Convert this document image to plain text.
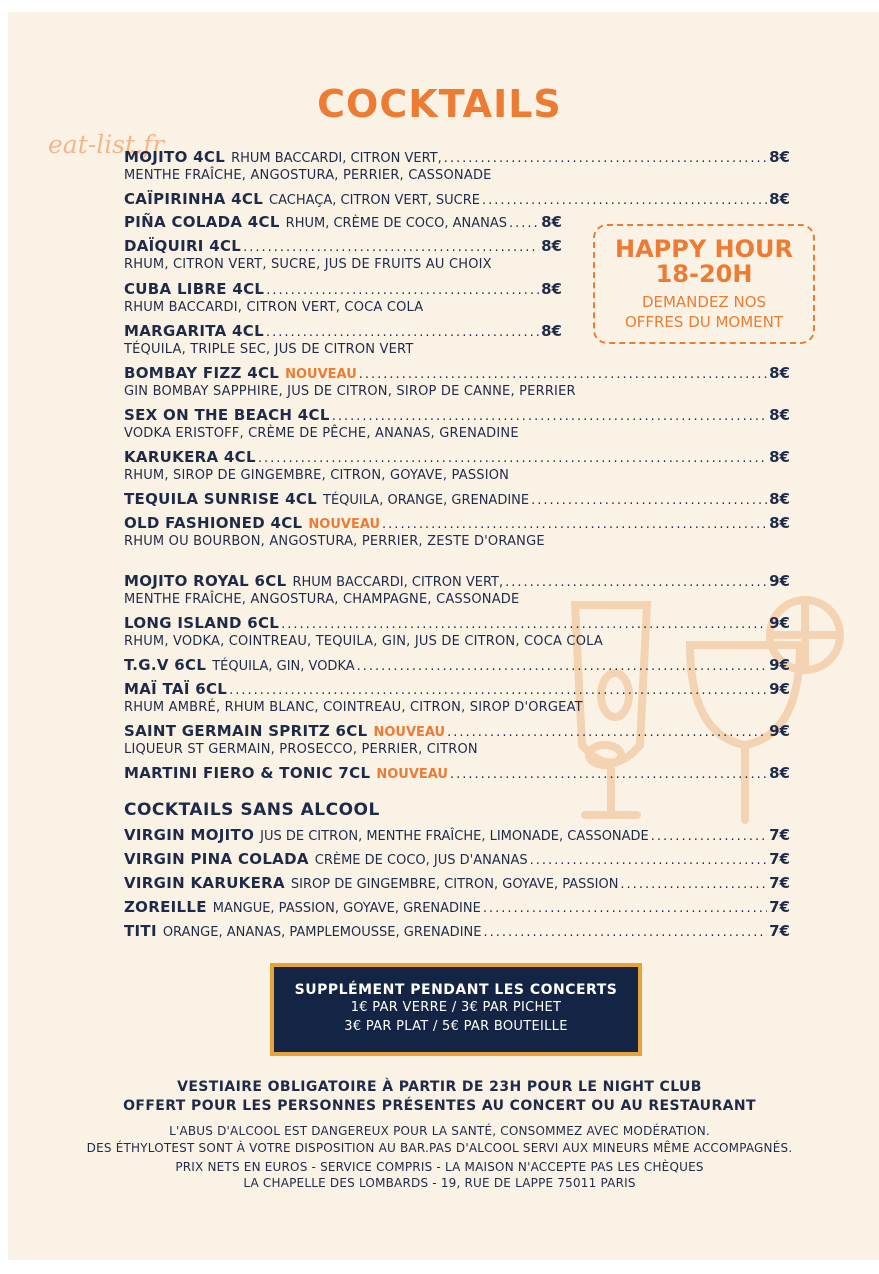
eat-list.fr
COCKTAILS
MOJITO 4CL RHUM BACCARDI, CITRON VERT, .....	8€
MENTHE FRAÎCHE, ANGOSTURA, PERRIER, CASSONADE
CAÏPIRINHA 4CL CACHAÇA, CITRON VERT, SUCRE .....	8€
PIÑA COLADA 4CL RHUM, CRÈME DE COCO, ANANAS ..... 8€
DAÏQUIRI 4CL .....	8€
RHUM, CITRON VERT, SUCRE, JUS DE FRUITS AU CHOIX
CUBA LIBRE 4CL .....	8€
RHUM BACCARDI, CITRON VERT, COCA COLA
MARGARITA 4CL .....	8€
TÉQUILA, TRIPLE SEC, JUS DE CITRON VERT
BOMBAY FIZZ 4CL NOUVEAU .....	8€
GIN BOMBAY SAPPHIRE, JUS DE CITRON, SIROP DE CANNE, PERRIER
SEX ON THE BEACH 4CL .....	8€
VODKA ERISTOFF, CRÈME DE PÊCHE, ANANAS, GRENADINE
KARUKERA 4CL .....	8€
RHUM, SIROP DE GINGEMBRE, CITRON, GOYAVE, PASSION
TEQUILA SUNRISE 4CL TÉQUILA, ORANGE, GRENADINE .....	8€
OLD FASHIONED 4CL NOUVEAU .....	8€
RHUM OU BOURBON, ANGOSTURA, PERRIER, ZESTE D'ORANGE
MOJITO ROYAL 6CL RHUM BACCARDI, CITRON VERT, .....	9€
MENTHE FRAÎCHE, ANGOSTURA, CHAMPAGNE, CASSONADE
LONG ISLAND 6CL .....	9€
RHUM, VODKA, COINTREAU, TEQUILA, GIN, JUS DE CITRON, COCA COLA
T.G.V 6CL TÉQUILA, GIN, VODKA .....	9€
MAÏ TAÏ 6CL .....	9€
RHUM AMBRÉ, RHUM BLANC, COINTREAU, CITRON, SIROP D'ORGEAT
SAINT GERMAIN SPRITZ 6CL NOUVEAU .....	9€
LIQUEUR ST GERMAIN, PROSECCO, PERRIER, CITRON
MARTINI FIERO & TONIC 7CL NOUVEAU .....	8€
HAPPY HOUR
18-20H
DEMANDEZ NOS
OFFRES DU MOMENT
COCKTAILS SANS ALCOOL
VIRGIN MOJITO JUS DE CITRON, MENTHE FRAÎCHE, LIMONADE, CASSONADE .....	7€
VIRGIN PINA COLADA CRÈME DE COCO, JUS D'ANANAS .....	7€
VIRGIN KARUKERA SIROP DE GINGEMBRE, CITRON, GOYAVE, PASSION .....	7€
ZOREILLE MANGUE, PASSION, GOYAVE, GRENADINE .....	7€
TITI ORANGE, ANANAS, PAMPLEMOUSSE, GRENADINE .....	7€
SUPPLÉMENT PENDANT LES CONCERTS
1€ PAR VERRE / 3€ PAR PICHET
3€ PAR PLAT / 5€ PAR BOUTEILLE
VESTIAIRE OBLIGATOIRE À PARTIR DE 23H POUR LE NIGHT CLUB
OFFERT POUR LES PERSONNES PRÉSENTES AU CONCERT OU AU RESTAURANT
L'ABUS D'ALCOOL EST DANGEREUX POUR LA SANTÉ, CONSOMMEZ AVEC MODÉRATION.
DES ÉTHYLOTEST SONT À VOTRE DISPOSITION AU BAR.PAS D'ALCOOL SERVI AUX MINEURS MÊME ACCOMPAGNÉS.
PRIX NETS EN EUROS - SERVICE COMPRIS - LA MAISON N'ACCEPTE PAS LES CHÈQUES
LA CHAPELLE DES LOMBARDS - 19, RUE DE LAPPE 75011 PARIS
